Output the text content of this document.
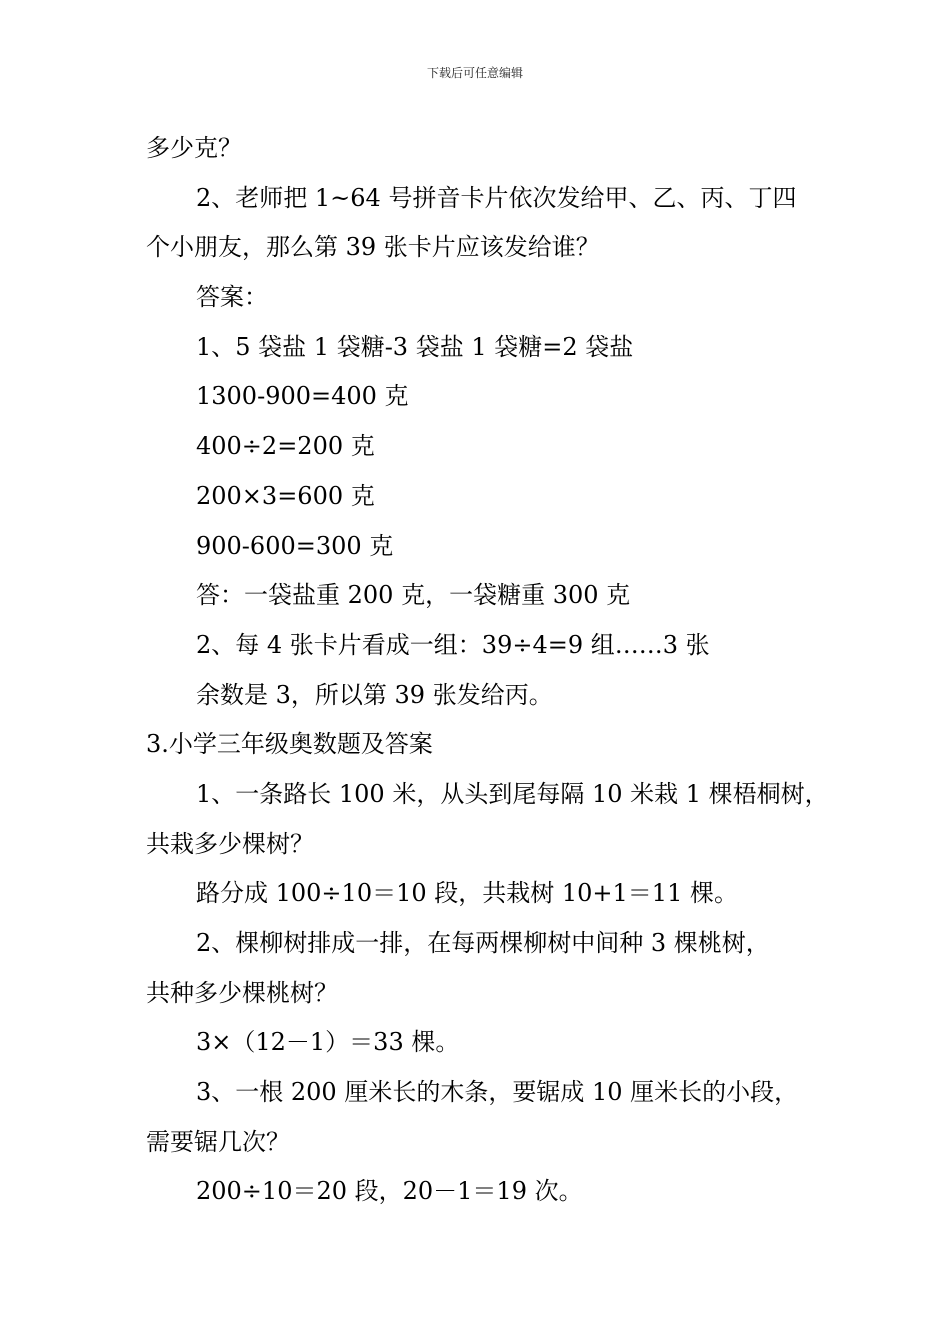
下载后可任意编辑
多少克？
2、老师把 1~64 号拼音卡片依次发给甲、乙、丙、丁四
个小朋友，那么第 39 张卡片应该发给谁？
答案：
1、5 袋盐 1 袋糖-3 袋盐 1 袋糖=2 袋盐
1300-900=400 克
400÷2=200 克
200×3=600 克
900-600=300 克
答：一袋盐重 200 克，一袋糖重 300 克
2、每 4 张卡片看成一组：39÷4=9 组……3 张
余数是 3，所以第 39 张发给丙。
3.小学三年级奥数题及答案
1、一条路长 100 米，从头到尾每隔 10 米栽 1 棵梧桐树，
共栽多少棵树？
路分成 100÷10＝10 段，共栽树 10+1＝11 棵。
2、棵柳树排成一排，在每两棵柳树中间种 3 棵桃树，
共种多少棵桃树？
3×（12－1）＝33 棵。
3、一根 200 厘米长的木条，要锯成 10 厘米长的小段，
需要锯几次？
200÷10＝20 段，20－1＝19 次。
